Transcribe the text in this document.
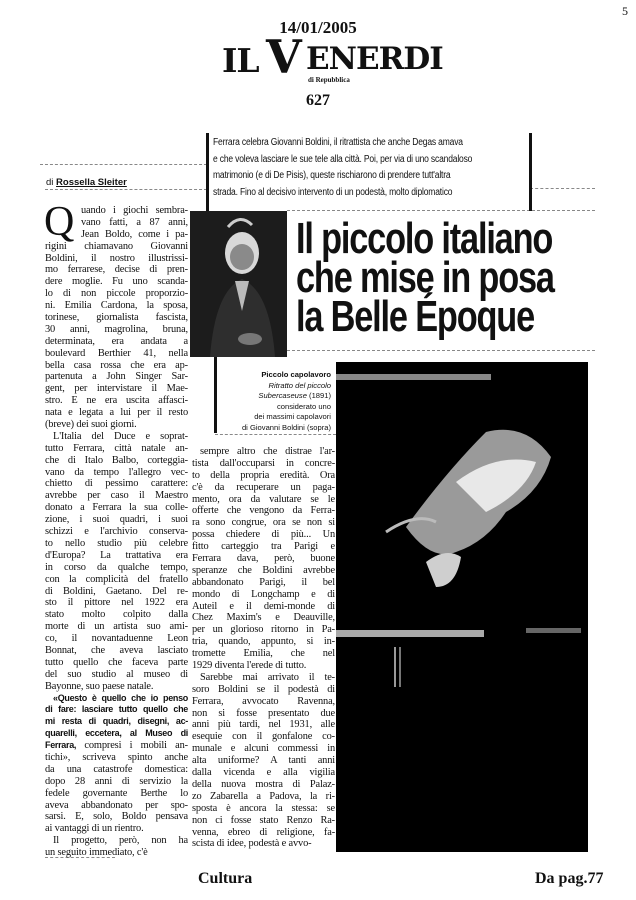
5
14/01/2005
IL V ENERDI
di Repubblica
627
Ferrara celebra Giovanni Boldini, il ritrattista che anche Degas amava
e che voleva lasciare le sue tele alla città. Poi, per via di uno scandaloso
matrimonio (e di De Pisis), queste rischiarono di prendere tutt'altra
strada. Fino al decisivo intervento di un podestà, molto diplomatico
di Rossella Sleiter
Il piccolo italiano
che mise in posa
la Belle Époque
Piccolo capolavoro
Ritratto del piccolo
Subercaseuse (1891)
considerato uno
dei massimi capolavori
di Giovanni Boldini (sopra)
Q uando i giochi sembra-
vano fatti, a 87 anni,
Jean Boldo, come i pa-
rigini chiamavano Giovanni
Boldini, il nostro illustrissi-
mo ferrarese, decise di pren-
dere moglie. Fu uno scanda-
lo di non piccole proporzio-
ni. Emilia Cardona, la sposa,
torinese, giornalista fascista,
30 anni, magrolina, bruna,
determinata, era andata a
boulevard Berthier 41, nella
bella casa rossa che era ap-
partenuta a John Singer Sar-
gent, per intervistare il Mae-
stro. E ne era uscita affasci-
nata e legata a lui per il resto
(breve) dei suoi giorni.
L'Italia del Duce e soprat-
tutto Ferrara, città natale an-
che di Italo Balbo, corteggia-
vano da tempo l'allegro vec-
chietto di pessimo carattere:
avrebbe per caso il Maestro
donato a Ferrara la sua colle-
zione, i suoi quadri, i suoi
schizzi e l'archivio conserva-
to nello studio più celebre
d'Europa? La trattativa era
in corso da qualche tempo,
con la complicità del fratello
di Boldini, Gaetano. Del re-
sto il pittore nel 1922 era
stato molto colpito dalla
morte di un artista suo ami-
co, il novantaduenne Leon
Bonnat, che aveva lasciato
tutto quello che faceva parte
del suo studio al museo di
Bayonne, suo paese natale.
«Questo è quello che io penso
di fare: lasciare tutto quello che
mi resta di quadri, disegni, ac-
quarelli, eccetera, al Museo di
Ferrara, compresi i mobili an-
tichi», scriveva spinto anche
da una catastrofe domestica:
dopo 28 anni di servizio la
fedele governante Berthe lo
aveva abbandonato per spo-
sarsi. E, solo, Boldo pensava
ai vantaggi di un rientro.
Il progetto, però, non ha
un seguito immediato, c'è
sempre altro che distrae l'ar-
tista dall'occuparsi in concre-
to della propria eredità. Ora
c'è da recuperare un paga-
mento, ora da valutare se le
offerte che vengono da Ferra-
ra sono congrue, ora se non si
possa chiedere di più... Un
fitto carteggio tra Parigi e
Ferrara dava, però, buone
speranze che Boldini avrebbe
abbandonato Parigi, il bel
mondo di Longchamp e di
Auteil e il demi-monde di
Chez Maxim's e Deauville,
per un glorioso ritorno in Pa-
tria, quando, appunto, si in-
tromette Emilia, che nel
1929 diventa l'erede di tutto.
Sarebbe mai arrivato il te-
soro Boldini se il podestà di
Ferrara, avvocato Ravenna,
non si fosse presentato due
anni più tardi, nel 1931, alle
esequie con il gonfalone co-
munale e alcuni commessi in
alta uniforme? A tanti anni
dalla vicenda e alla vigilia
della nuova mostra di Palaz-
zo Zabarella a Padova, la ri-
sposta è ancora la stessa: se
non ci fosse stato Renzo Ra-
venna, ebreo di religione, fa-
scista di idee, podestà e avvo-
Cultura	Da pag.77
